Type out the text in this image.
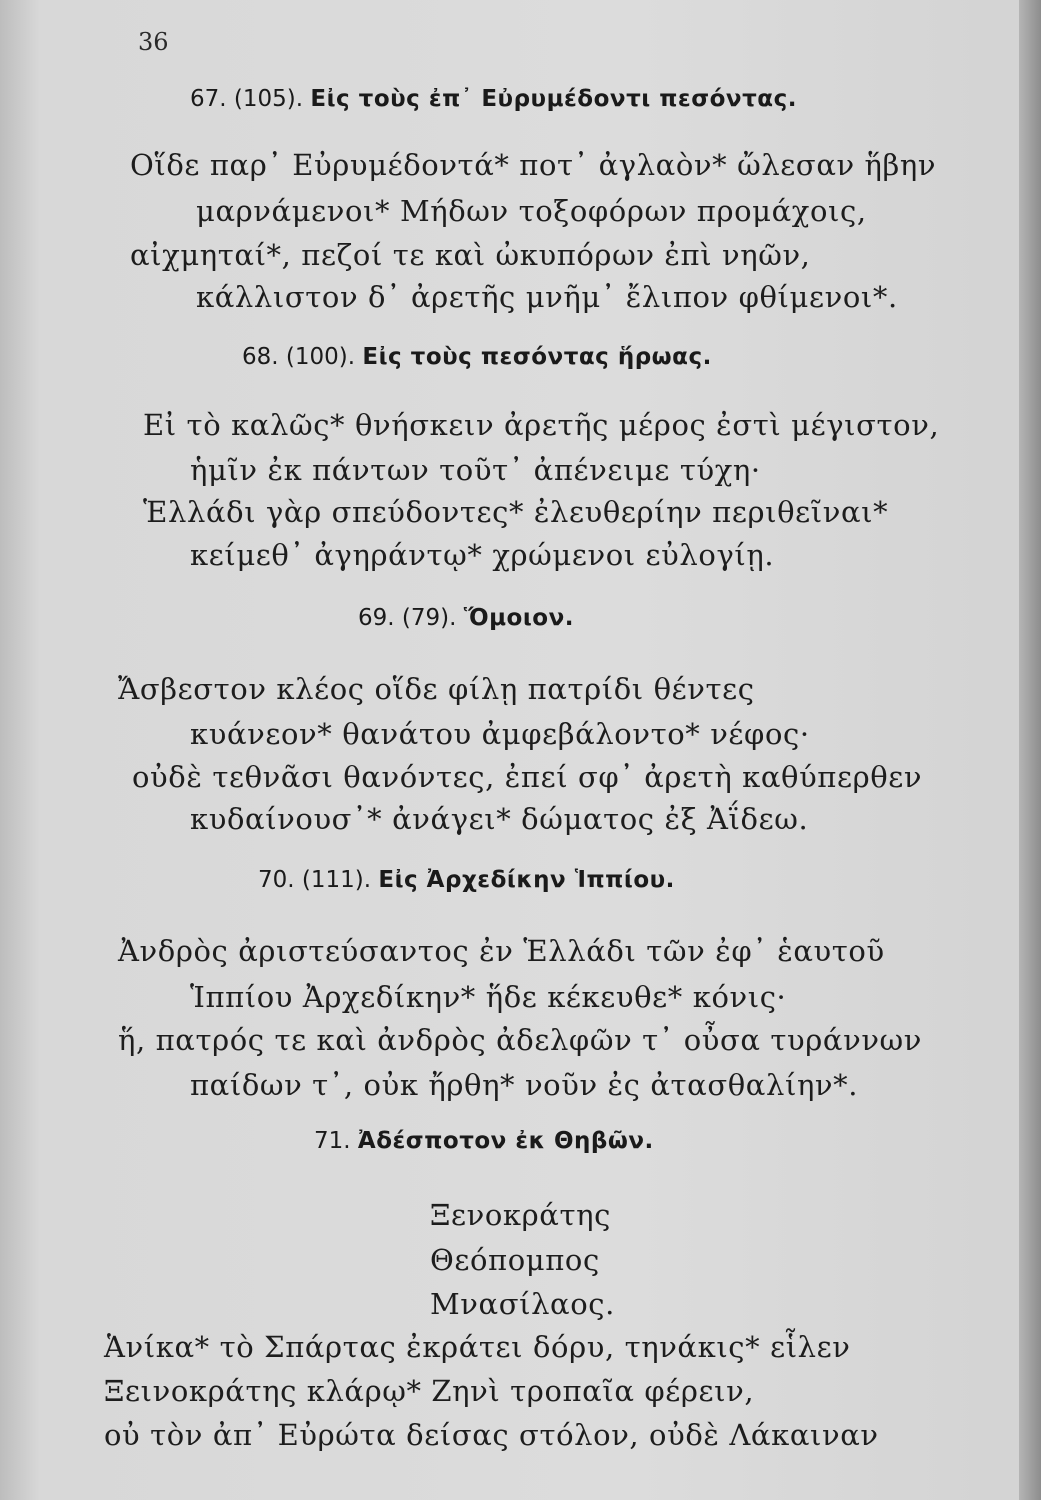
36
67. (105). Εἰς τοὺς ἐπ᾽ Εὐρυμέδοντι πεσόντας.
Οἵδε παρ᾽ Εὐρυμέδοντά* ποτ᾽ ἀγλαὸν* ὤλεσαν ἥβην
μαρνάμενοι* Μήδων τοξοφόρων προμάχοις,
αἰχμηταί*, πεζοί τε καὶ ὠκυπόρων ἐπὶ νηῶν,
κάλλιστον δ᾽ ἀρετῆς μνῆμ᾽ ἔλιπον φθίμενοι*.
68. (100). Εἰς τοὺς πεσόντας ἥρωας.
Εἰ τὸ καλῶς* θνήσκειν ἀρετῆς μέρος ἐστὶ μέγιστον,
ἡμῖν ἐκ πάντων τοῦτ᾽ ἀπένειμε τύχη·
Ἑλλάδι γὰρ σπεύδοντες* ἐλευθερίην περιθεῖναι*
κείμεθ᾽ ἀγηράντῳ* χρώμενοι εὐλογίῃ.
69. (79). Ὅμοιον.
Ἄσβεστον κλέος οἵδε φίλῃ πατρίδι θέντες
κυάνεον* θανάτου ἀμφεβάλοντο* νέφος·
οὐδὲ τεθνᾶσι θανόντες, ἐπεί σφ᾽ ἀρετὴ καθύπερθεν
κυδαίνουσ᾽* ἀνάγει* δώματος ἐξ Ἀΐδεω.
70. (111). Εἰς Ἀρχεδίκην Ἱππίου.
Ἀνδρὸς ἀριστεύσαντος ἐν Ἑλλάδι τῶν ἐφ᾽ ἑαυτοῦ
Ἱππίου Ἀρχεδίκην* ἥδε κέκευθε* κόνις·
ἥ, πατρός τε καὶ ἀνδρὸς ἀδελφῶν τ᾽ οὖσα τυράννων
παίδων τ᾽, οὐκ ἤρθη* νοῦν ἐς ἀτασθαλίην*.
71. Ἀδέσποτον ἐκ Θηβῶν.
Ξενοκράτης
Θεόπομπος
Μνασίλαος.
Ἁνίκα* τὸ Σπάρτας ἐκράτει δόρυ, τηνάκις* εἷλεν
Ξεινοκράτης κλάρῳ* Ζηνὶ τροπαῖα φέρειν,
οὐ τὸν ἀπ᾽ Εὐρώτα δείσας στόλον, οὐδὲ Λάκαιναν
